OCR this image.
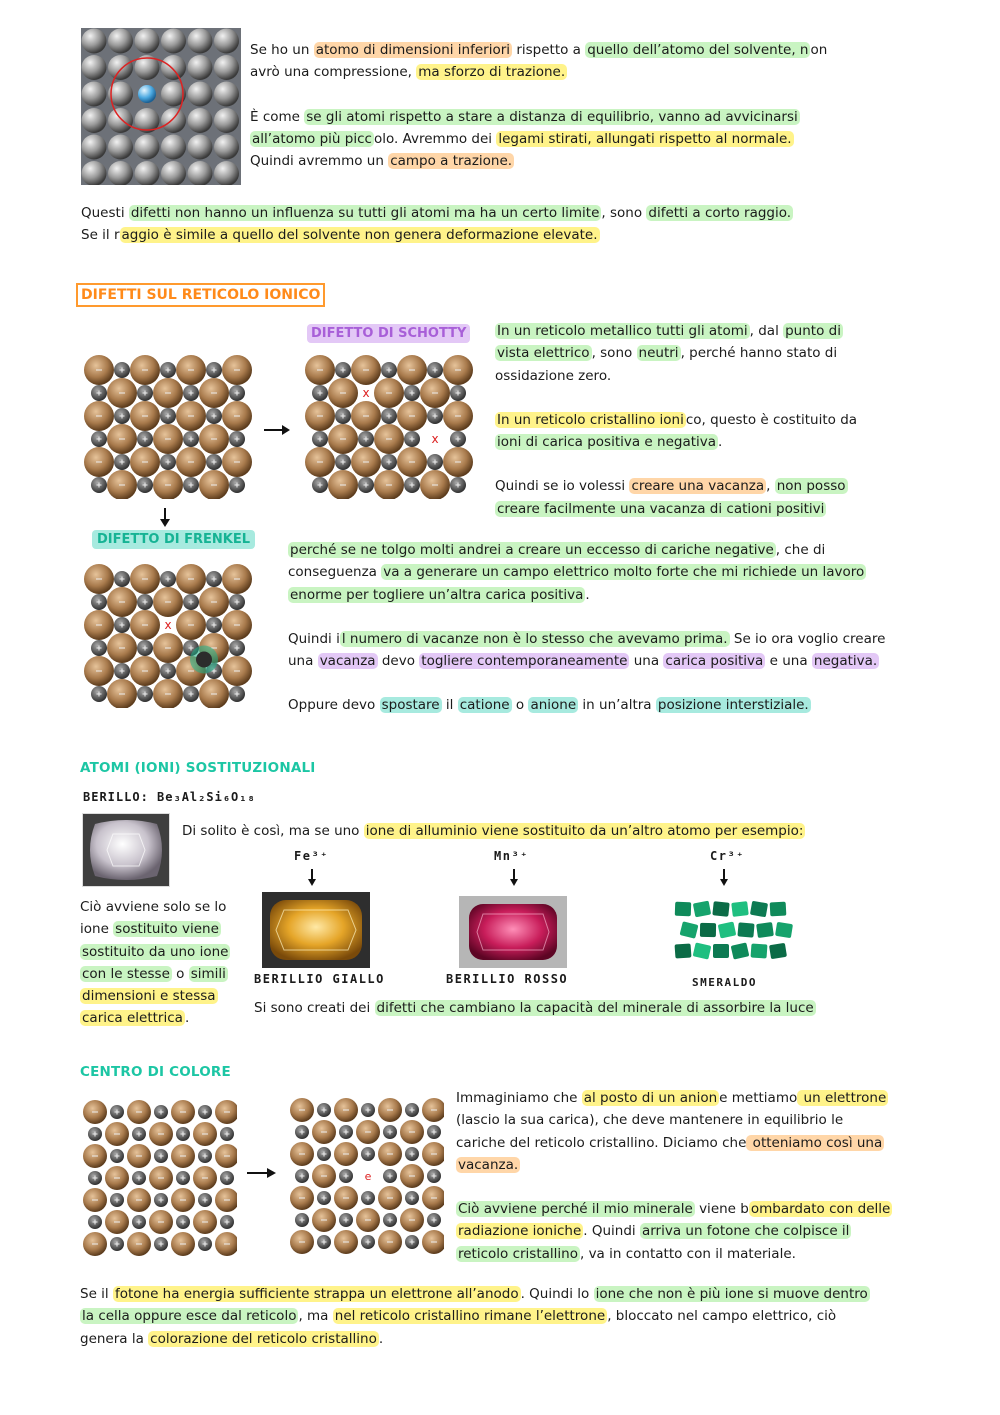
Se ho un atomo di dimensioni inferiori rispetto a quello dell’atomo del solvente, n on
avrò una compressione, ma sforzo di trazione.
È come se gli atomi rispetto a stare a distanza di equilibrio, vanno ad avvicinarsi
all’atomo più picc olo. Avremmo dei legami stirati, allungati rispetto al normale.
Quindi avremmo un campo a trazione.
Questi difetti non hanno un influenza su tutti gli atomi ma ha un certo limite , sono difetti a corto raggio.
Se il r aggio è simile a quello del solvente non genera deformazione elevate.
DIFETTI SUL RETICOLO IONICO
DIFETTO DI SCHOTTY
DIFETTO DI FRENKEL
x
x
x
In un reticolo metallico tutti gli atomi , dal punto di
vista elettrico , sono neutri , perché hanno stato di
ossidazione zero.
In un reticolo cristallino ioni co, questo è costituito da
ioni di carica positiva e negativa .
Quindi se io volessi creare una vacanza , non posso
creare facilmente una vacanza di cationi positivi
perché se ne tolgo molti andrei a creare un eccesso di cariche negative , che di
conseguenza va a generare un campo elettrico molto forte che mi richiede un lavoro
enorme per togliere un’altra carica positiva .
Quindi i l numero di vacanze non è lo stesso che avevamo prima. Se io ora voglio creare
una vacanza devo togliere contemporaneamente una carica positiva e una negativa.
Oppure devo spostare il catione o anione in un’altra posizione interstiziale.
ATOMI (IONI) SOSTITUZIONALI
BERILLO: Be₃Al₂Si₆O₁₈
Di solito è così, ma se uno ione di alluminio viene sostituito da un’altro atomo per esempio:
Fe³⁺	Mn³⁺	Cr³⁺
BERILLIO GIALLO	BERILLIO ROSSO	SMERALDO
Ciò avviene solo se lo
ione sostituito viene
sostituito da uno ione
con le stesse o simili
dimensioni e stessa
carica elettrica .
Si sono creati dei difetti che cambiano la capacità del minerale di assorbire la luce
CENTRO DI COLORE
e
Immaginiamo che al posto di un anion e mettiamo un elettrone
(lascio la sua carica), che deve mantenere in equilibrio le
cariche del reticolo cristallino. Diciamo che otteniamo così una
vacanza.
Ciò avviene perché il mio minerale viene b ombardato con delle
radiazione ioniche . Quindi arriva un fotone che colpisce il
reticolo cristallino , va in contatto con il materiale.
Se il fotone ha energia sufficiente strappa un elettrone all’anodo . Quindi lo ione che non è più ione si muove dentro
la cella oppure esce dal reticolo , ma nel reticolo cristallino rimane l’elettrone , bloccato nel campo elettrico, ciò
genera la colorazione del reticolo cristallino .
